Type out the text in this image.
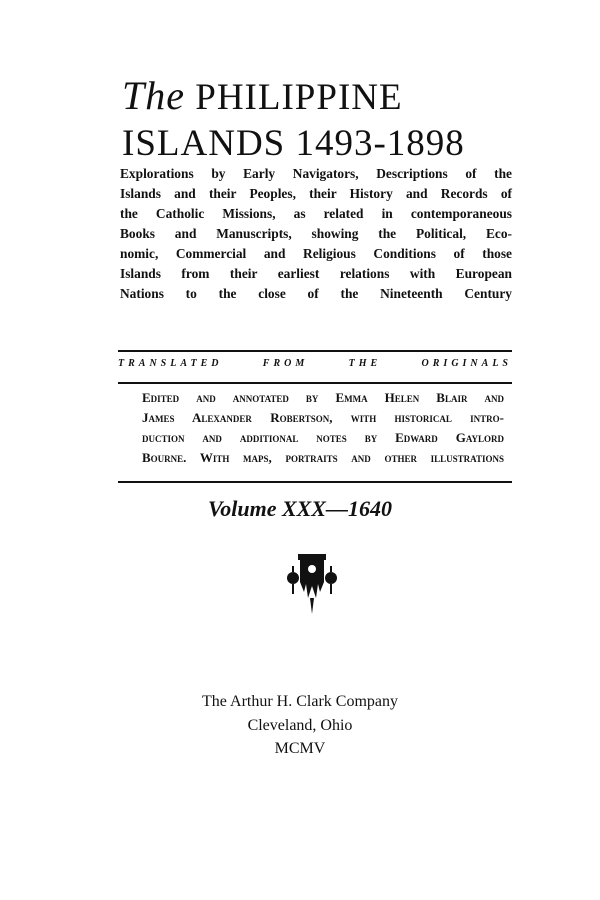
The PHILIPPINE
ISLANDS 1493-1898
Explorations by Early Navigators, Descriptions of the
Islands and their Peoples, their History and Records of
the Catholic Missions, as related in contemporaneous
Books and Manuscripts, showing the Political, Eco-
nomic, Commercial and Religious Conditions of those
Islands from their earliest relations with European
Nations to the close of the Nineteenth Century
TRANSLATED FROM THE ORIGINALS
Edited and annotated by Emma Helen Blair and
James Alexander Robertson, with historical intro-
duction and additional notes by Edward Gaylord
Bourne. With maps, portraits and other illustrations
Volume XXX—1640
The Arthur H. Clark Company
Cleveland, Ohio
MCMV
